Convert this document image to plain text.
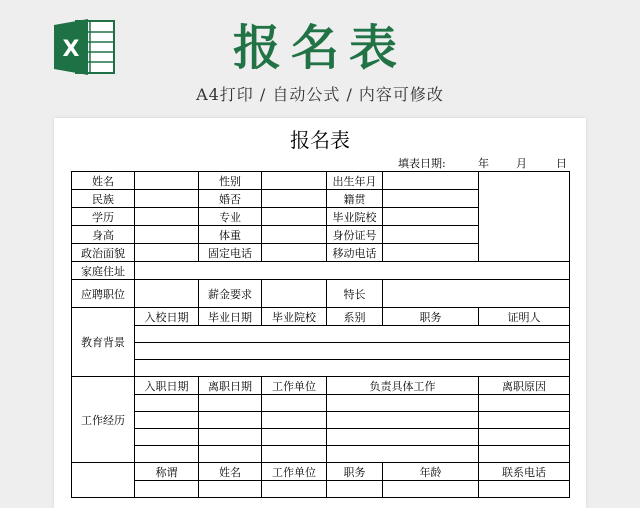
X	报名表
A4打印 / 自动公式 / 内容可修改
报名表
填表日期:	年 月	日
姓名		性别		出生年月		
民族		婚否		籍贯		
学历		专业		毕业院校		
身高		体重		身份证号		
政治面貌		固定电话		移动电话		
家庭住址						
应聘职位		薪金要求		特长		
教育背景	入校日期	毕业日期	毕业院校	系别	职务	证明人

工作经历	入职日期	离职日期	工作单位	负责具体工作		离职原因

	称谓	姓名	工作单位	职务	年龄	联系电话
